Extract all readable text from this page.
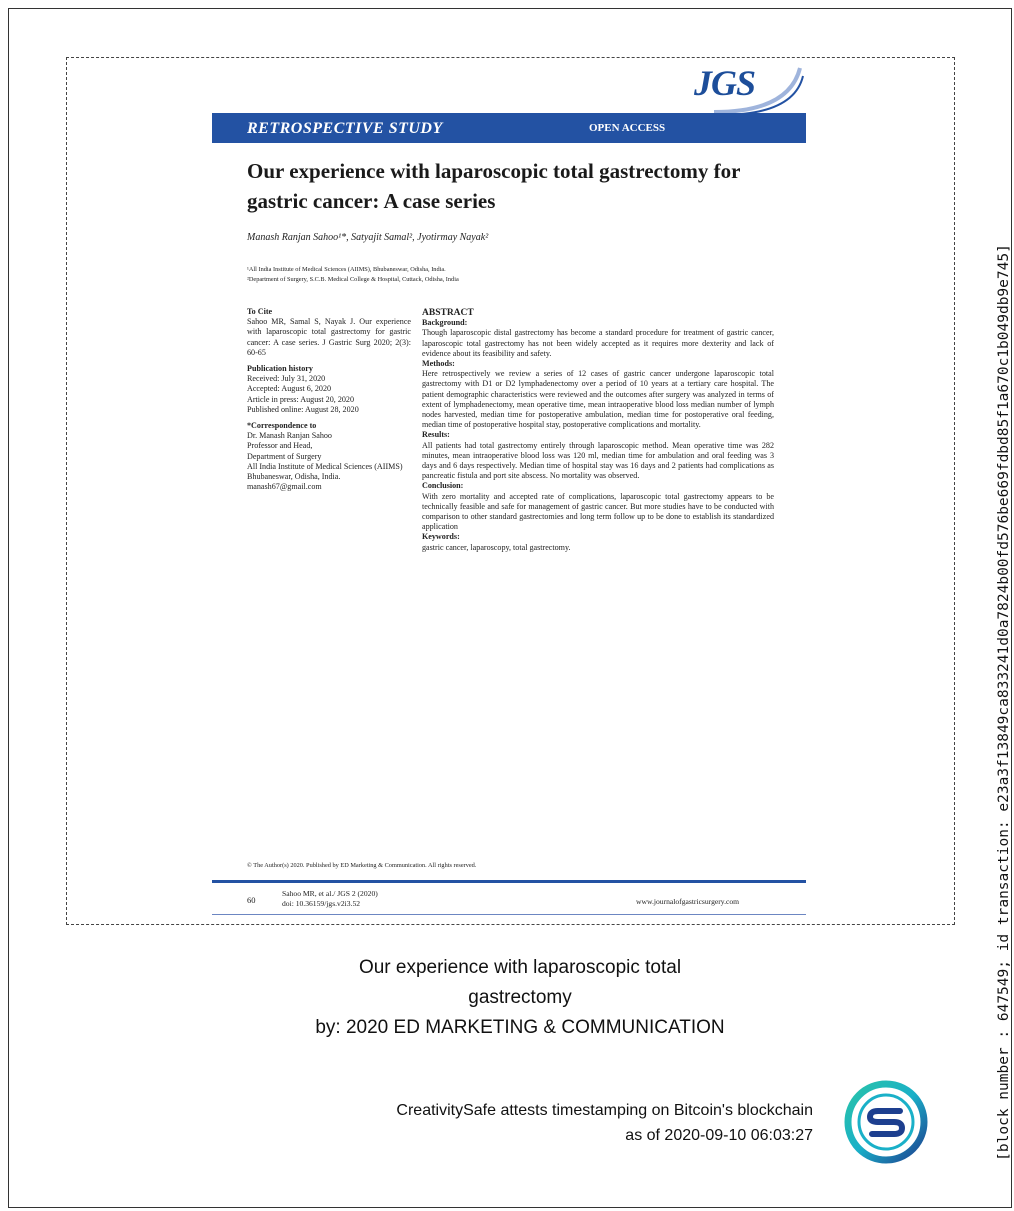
JGS
RETROSPECTIVE STUDY	OPEN ACCESS
Our experience with laparoscopic total gastrectomy for gastric cancer: A case series
Manash Ranjan Sahoo¹*, Satyajit Samal², Jyotirmay Nayak²
¹All India Institute of Medical Sciences (AIIMS), Bhubaneswar, Odisha, India.
²Department of Surgery, S.C.B. Medical College & Hospital, Cuttack, Odisha, India
To Cite
Sahoo MR, Samal S, Nayak J. Our experience with laparoscopic total gastrectomy for gastric cancer: A case series. J Gastric Surg 2020; 2(3): 60-65
Publication history
Received: July 31, 2020
Accepted: August 6, 2020
Article in press: August 20, 2020
Published online: August 28, 2020
*Correspondence to
Dr. Manash Ranjan Sahoo
Professor and Head,
Department of Surgery
All India Institute of Medical Sciences (AIIMS)
Bhubaneswar, Odisha, India.
manash67@gmail.com
ABSTRACT
Background:
Though laparoscopic distal gastrectomy has become a standard procedure for treatment of gastric cancer, laparoscopic total gastrectomy has not been widely accepted as it requires more dexterity and lack of evidence about its feasibility and safety.
Methods:
Here retrospectively we review a series of 12 cases of gastric cancer undergone laparoscopic total gastrectomy with D1 or D2 lymphadenectomy over a period of 10 years at a tertiary care hospital. The patient demographic characteristics were reviewed and the outcomes after surgery was analyzed in terms of extent of lymphadenectomy, mean operative time, mean intraoperative blood loss median number of lymph nodes harvested, median time for postoperative ambulation, median time for postoperative oral feeding, median time of postoperative hospital stay, postoperative complications and mortality.
Results:
All patients had total gastrectomy entirely through laparoscopic method. Mean operative time was 282 minutes, mean intraoperative blood loss was 120 ml, median time for ambulation and oral feeding was 3 days and 6 days respectively. Median time of hospital stay was 16 days and 2 patients had complications as pancreatic fistula and port site abscess. No mortality was observed.
Conclusion:
With zero mortality and accepted rate of complications, laparoscopic total gastrectomy appears to be technically feasible and safe for management of gastric cancer. But more studies have to be conducted with comparison to other standard gastrectomies and long term follow up to be done to establish its standardized application
Keywords:
gastric cancer, laparoscopy, total gastrectomy.
© The Author(s) 2020. Published by ED Marketing & Communication. All rights reserved.
60
Sahoo MR, et al./ JGS 2 (2020)
doi: 10.36159/jgs.v2i3.52	www.journalofgastricsurgery.com
Our experience with laparoscopic total
gastrectomy
by: 2020 ED MARKETING & COMMUNICATION
CreativitySafe attests timestamping on Bitcoin's blockchain
as of 2020-09-10 06:03:27	[block number : 647549; id transaction: e23a3f13849ca833241d0a7824b00fd576be669fdbd85f1a670c1b049db9e745]
